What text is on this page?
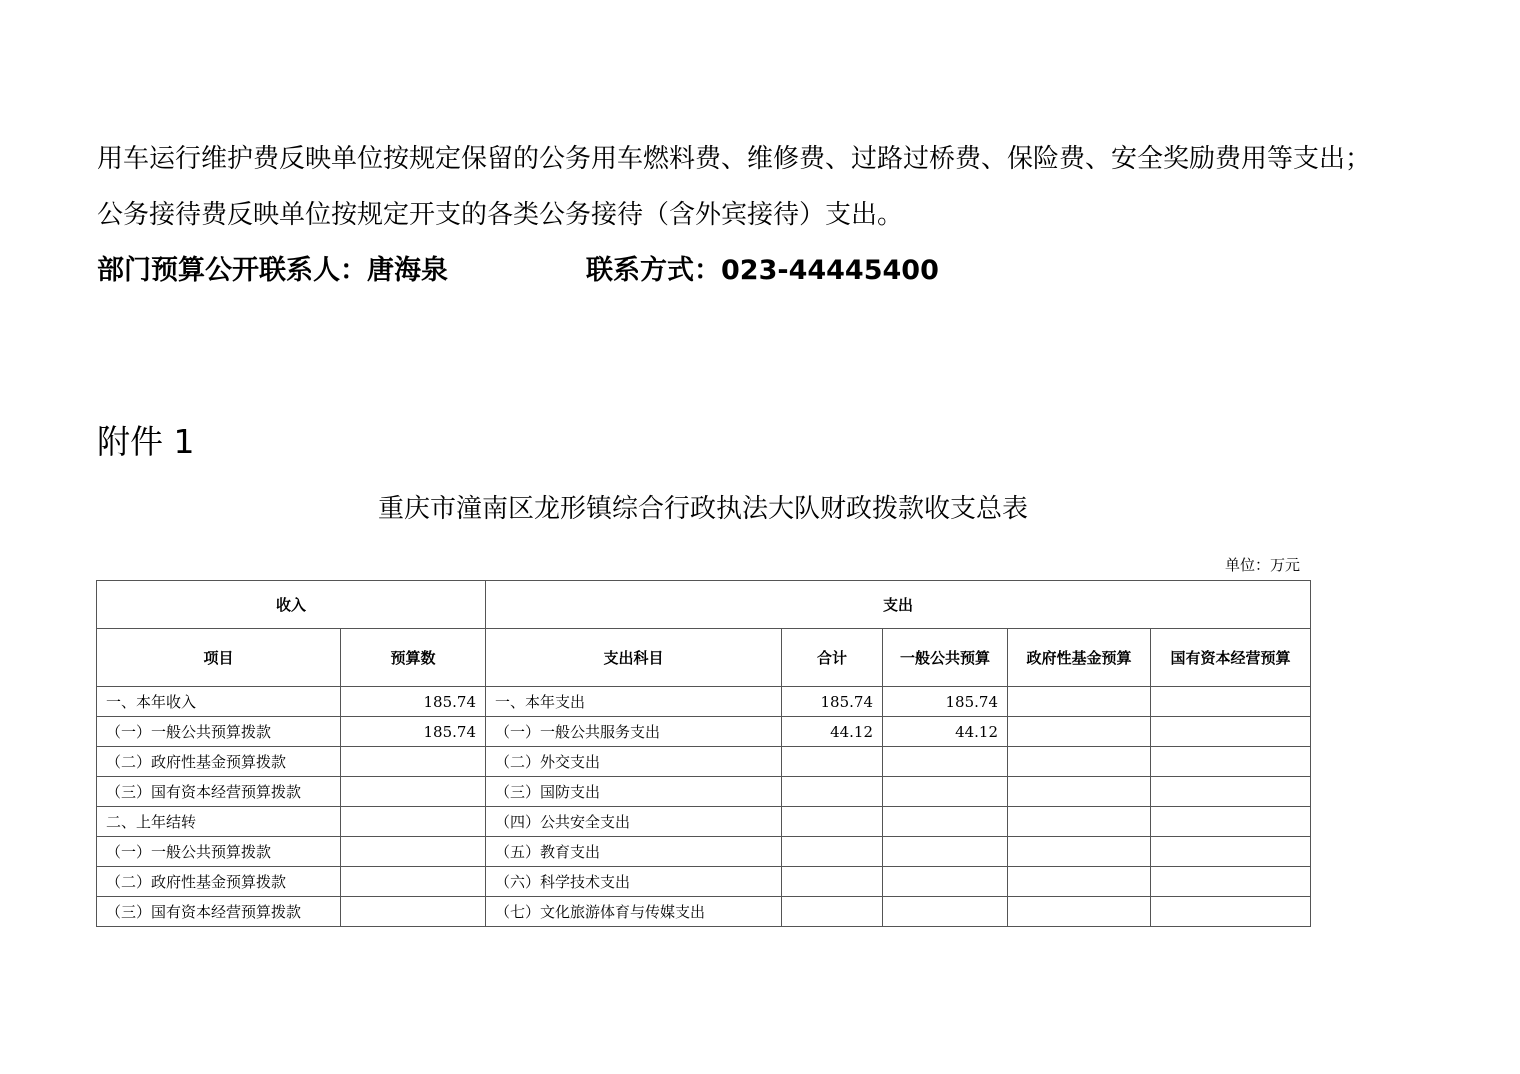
用车运行维护费反映单位按规定保留的公务用车燃料费、维修费、过路过桥费、保险费、安全奖励费用等支出；

公务接待费反映单位按规定开支的各类公务接待（含外宾接待）支出。

部门预算公开联系人：唐海泉	联系方式：023-44445400
附件 1
重庆市潼南区龙形镇综合行政执法大队财政拨款收支总表
单位：万元
收入		支出				
项目	预算数	支出科目	合计	一般公共预算	政府性基金预算	国有资本经营预算
一、本年收入	185.74	一、本年支出	185.74	185.74		
（一）一般公共预算拨款	185.74	（一）一般公共服务支出	44.12	44.12		
（二）政府性基金预算拨款		（二）外交支出				
（三）国有资本经营预算拨款		（三）国防支出				
二、上年结转		（四）公共安全支出				
（一）一般公共预算拨款		（五）教育支出				
（二）政府性基金预算拨款		（六）科学技术支出				
（三）国有资本经营预算拨款		（七）文化旅游体育与传媒支出				
